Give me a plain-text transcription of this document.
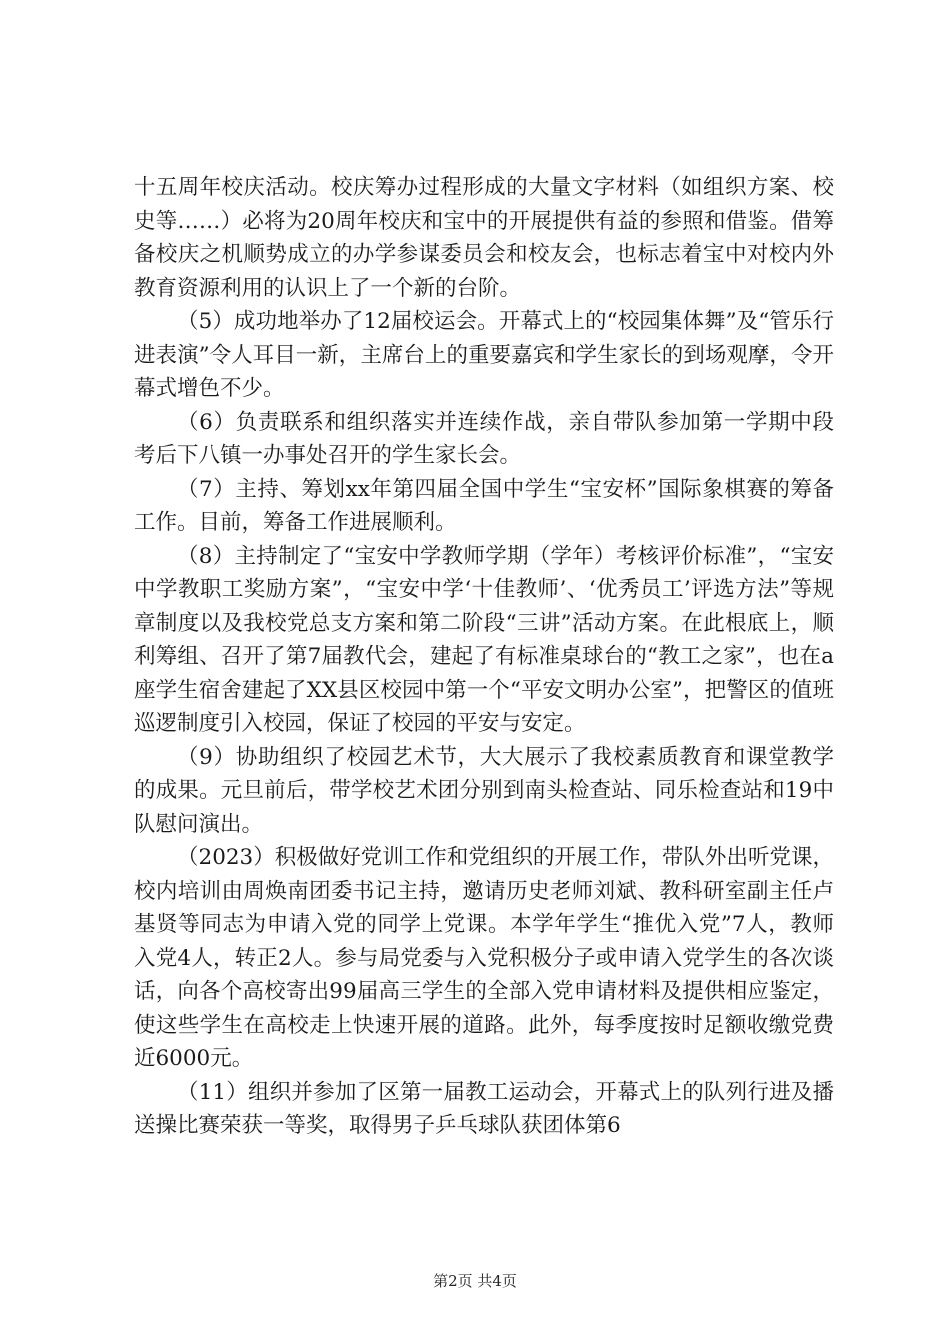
十五周年校庆活动。校庆筹办过程形成的大量文字材料（如组织方案、校史等……）必将为20周年校庆和宝中的开展提供有益的参照和借鉴。借筹备校庆之机顺势成立的办学参谋委员会和校友会，也标志着宝中对校内外教育资源利用的认识上了一个新的台阶。

（5）成功地举办了12届校运会。开幕式上的“校园集体舞”及“管乐行进表演”令人耳目一新，主席台上的重要嘉宾和学生家长的到场观摩，令开幕式增色不少。

（6）负责联系和组织落实并连续作战，亲自带队参加第一学期中段考后下八镇一办事处召开的学生家长会。

（7）主持、筹划xx年第四届全国中学生“宝安杯”国际象棋赛的筹备工作。目前，筹备工作进展顺利。

（8）主持制定了“宝安中学教师学期（学年）考核评价标准”，“宝安中学教职工奖励方案”，“宝安中学‘十佳教师’、‘优秀员工’评选方法”等规章制度以及我校党总支方案和第二阶段“三讲”活动方案。在此根底上，顺利筹组、召开了第7届教代会，建起了有标准桌球台的“教工之家”，也在a座学生宿舍建起了XX县区校园中第一个“平安文明办公室”，把警区的值班巡逻制度引入校园，保证了校园的平安与安定。

（9）协助组织了校园艺术节，大大展示了我校素质教育和课堂教学的成果。元旦前后，带学校艺术团分别到南头检查站、同乐检查站和19中队慰问演出。

（2023）积极做好党训工作和党组织的开展工作，带队外出听党课，校内培训由周焕南团委书记主持，邀请历史老师刘斌、教科研室副主任卢基贤等同志为申请入党的同学上党课。本学年学生“推优入党”7人，教师入党4人，转正2人。参与局党委与入党积极分子或申请入党学生的各次谈话，向各个高校寄出99届高三学生的全部入党申请材料及提供相应鉴定，使这些学生在高校走上快速开展的道路。此外，每季度按时足额收缴党费近6000元。

（11）组织并参加了区第一届教工运动会，开幕式上的队列行进及播送操比赛荣获一等奖，取得男子乒乓球队获团体第6

第2页 共4页
